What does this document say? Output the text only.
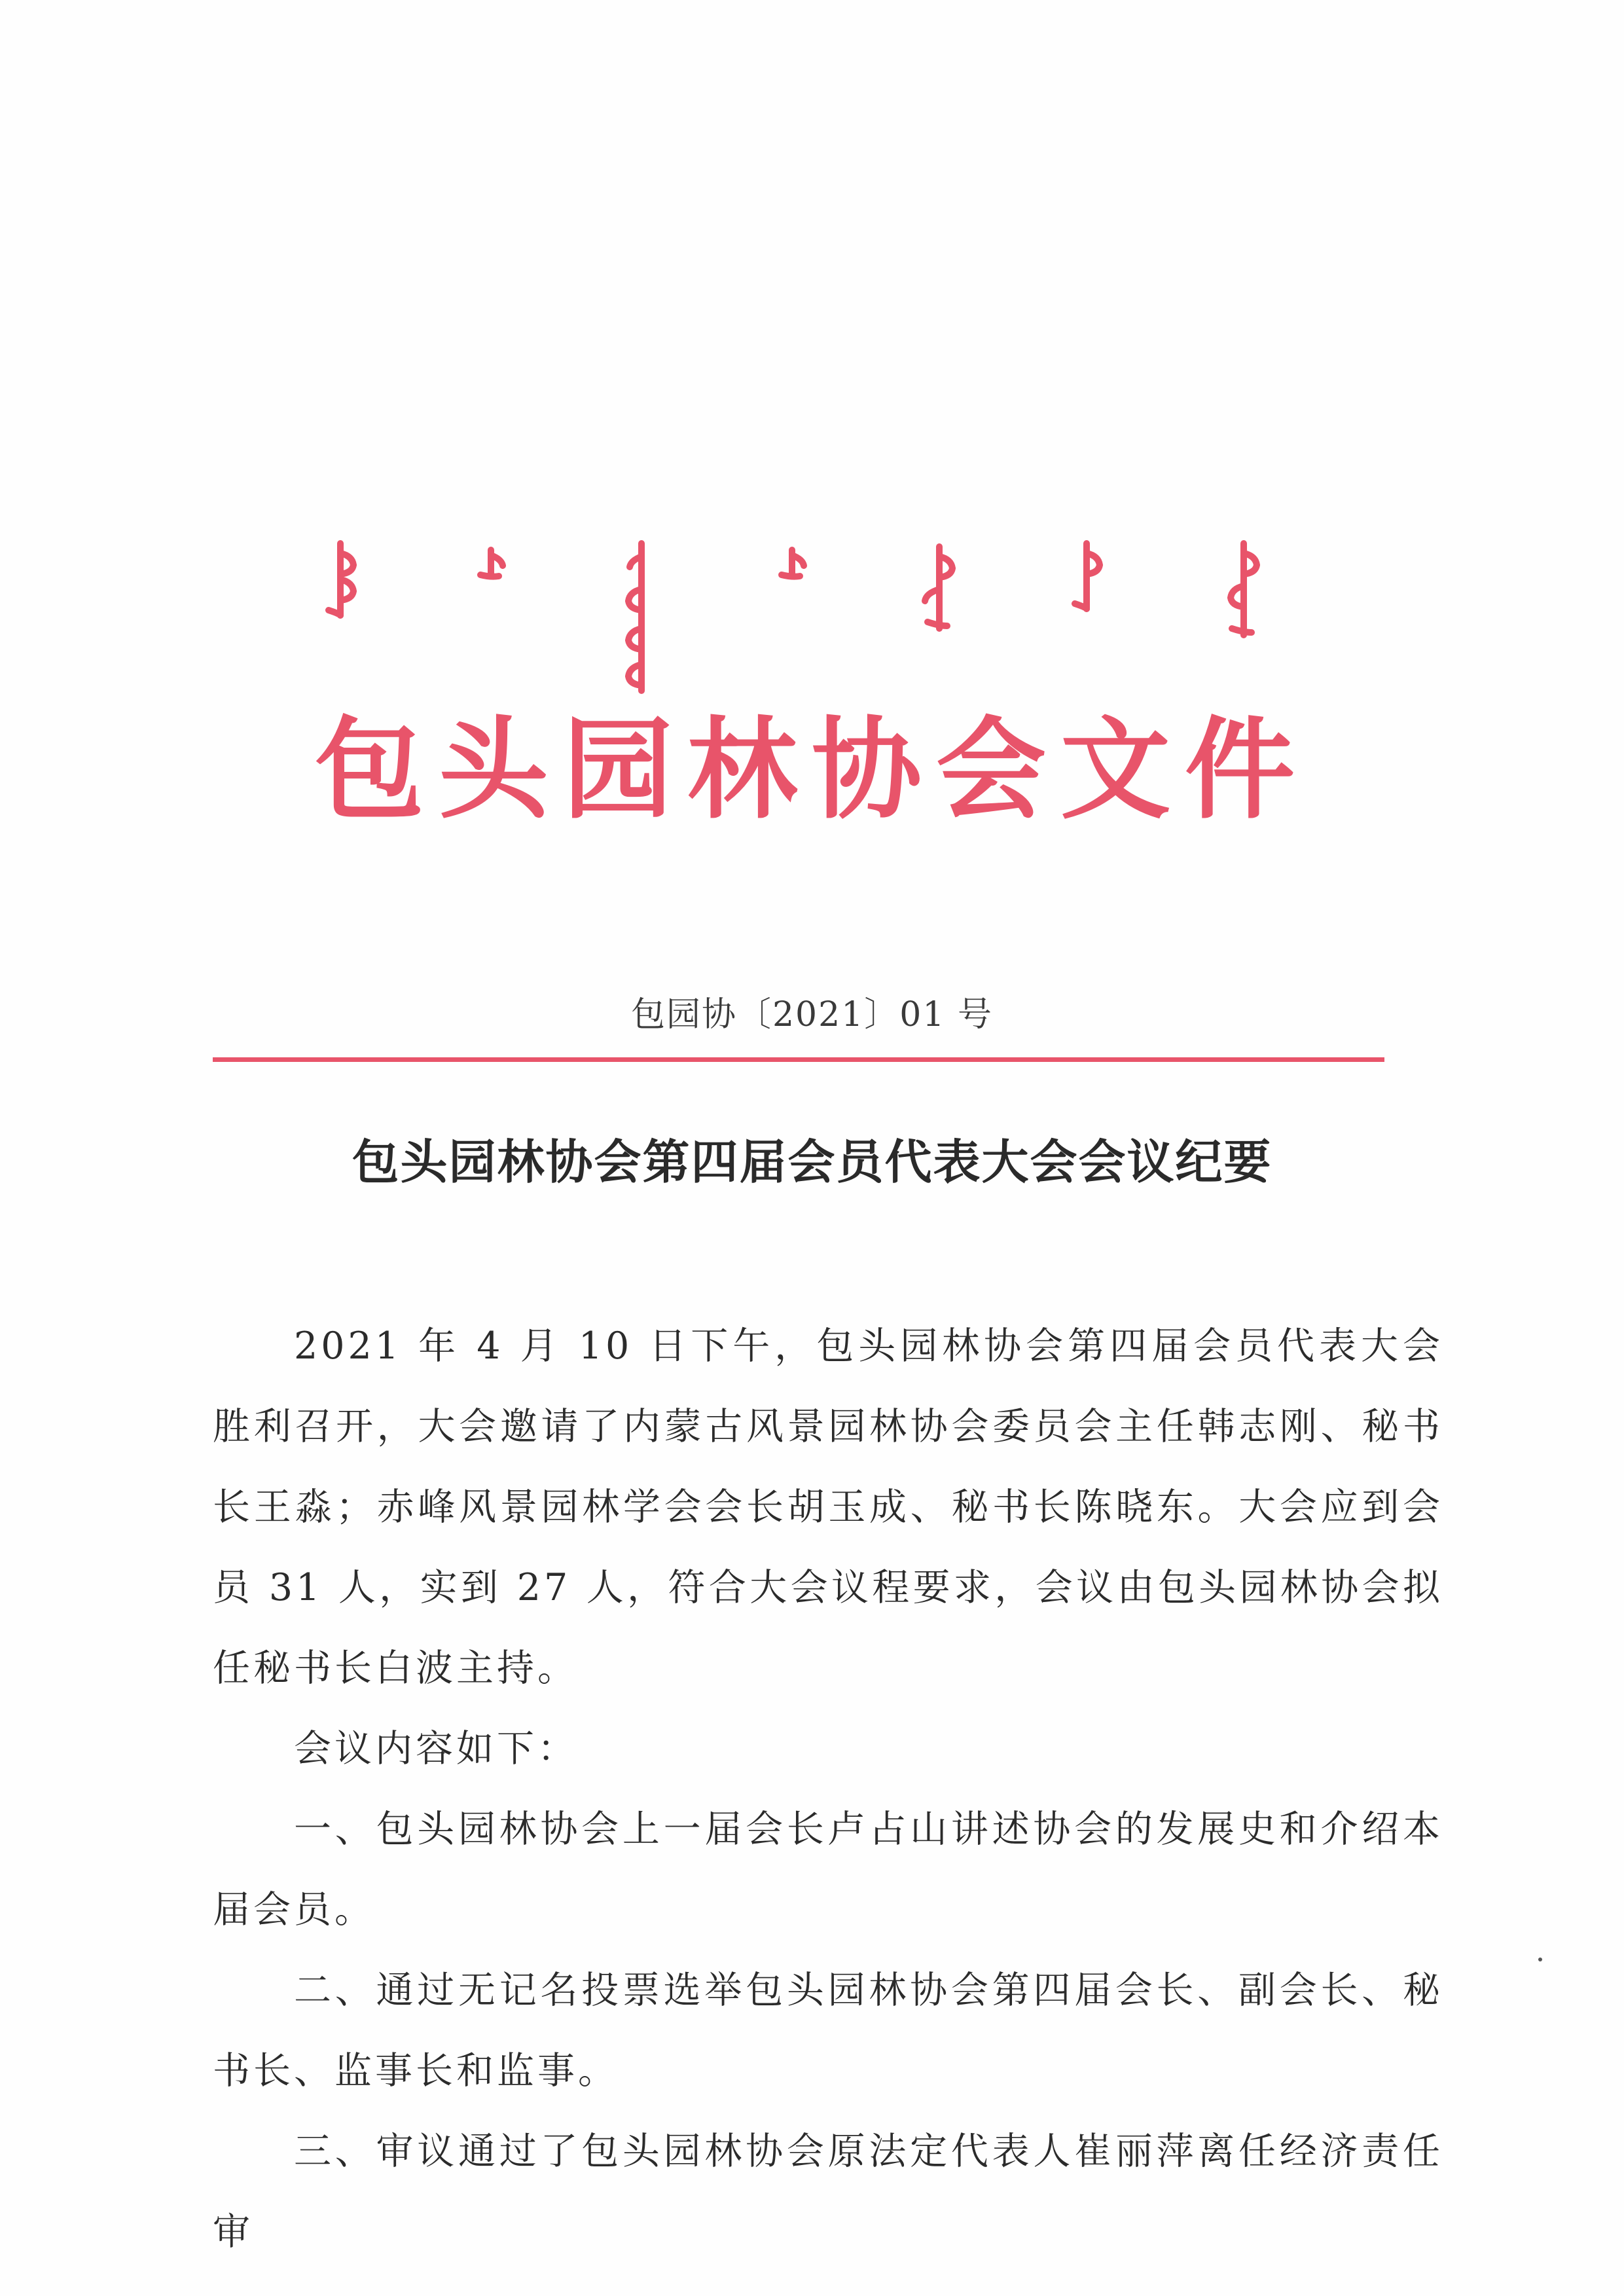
包头园林协会文件
包园协〔2021〕01 号
包头园林协会第四届会员代表大会会议纪要

2021 年 4 月 10 日下午，包头园林协会第四届会员代表大会胜利召开，大会邀请了内蒙古风景园林协会委员会主任韩志刚、秘书长王淼；赤峰风景园林学会会长胡玉成、秘书长陈晓东。大会应到会员 31 人，实到 27 人，符合大会议程要求，会议由包头园林协会拟任秘书长白波主持。

会议内容如下：

一、包头园林协会上一届会长卢占山讲述协会的发展史和介绍本届会员。

二、通过无记名投票选举包头园林协会第四届会长、副会长、秘书长、监事长和监事。

三、审议通过了包头园林协会原法定代表人崔丽萍离任经济责任审
